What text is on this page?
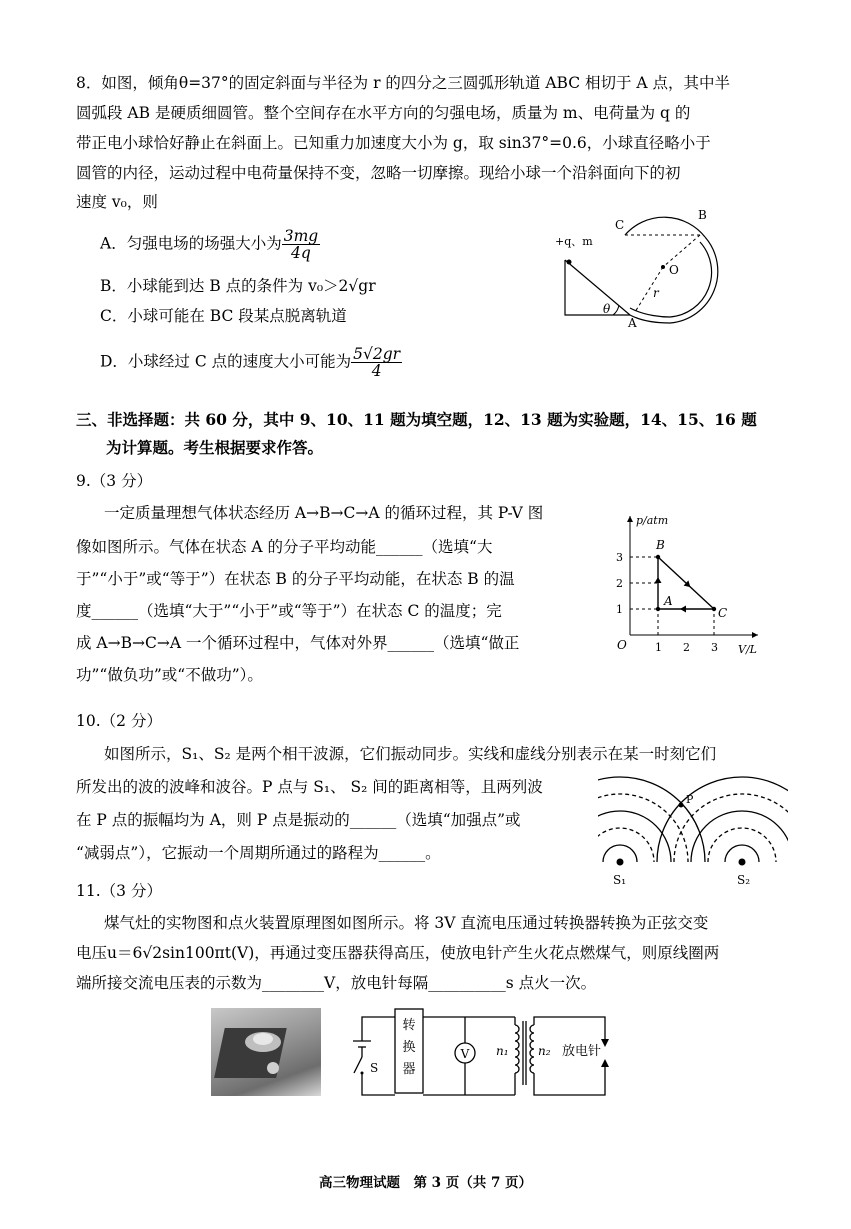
8．如图，倾角θ=37°的固定斜面与半径为 r 的四分之三圆弧形轨道 ABC 相切于 A 点，其中半
圆弧段 AB 是硬质细圆管。整个空间存在水平方向的匀强电场，质量为 m、电荷量为 q 的
带正电小球恰好静止在斜面上。已知重力加速度大小为 g，取 sin37°=0.6，小球直径略小于
圆管的内径，运动过程中电荷量保持不变，忽略一切摩擦。现给小球一个沿斜面向下的初
速度 v₀，则
A．匀强电场的场强大小为 $\frac{3mg}{4q}$
B．小球能到达 B 点的条件为 v₀＞2√gr
C．小球可能在 BC 段某点脱离轨道
D．小球经过 C 点的速度大小可能为 $\frac{5√2gr}{4}$
θ
+q、m
O
r
C
B
A
三、非选择题：共 60 分，其中 9、10、11 题为填空题，12、13 题为实验题，14、15、16 题
为计算题。考生根据要求作答。
9.（3 分）
一定质量理想气体状态经历 A→B→C→A 的循环过程，其 P-V 图
像如图所示。气体在状态 A 的分子平均动能______（选填“大
于”“小于”或“等于”）在状态 B 的分子平均动能，在状态 B 的温
度______（选填“大于”“小于”或“等于”）在状态 C 的温度；完
成 A→B→C→A 一个循环过程中，气体对外界______（选填“做正
功”“做负功”或“不做功”）。
p/atm
V/L
O
1
2
3
1 2 3
A
B
C
10.（2 分）
如图所示，S₁、S₂ 是两个相干波源，它们振动同步。实线和虚线分别表示在某一时刻它们
所发出的波的波峰和波谷。P 点与 S₁、 S₂ 间的距离相等，且两列波
在 P 点的振幅均为 A，则 P 点是振动的______（选填“加强点”或
“减弱点”），它振动一个周期所通过的路程为______。
P
S₁	S₂
11.（3 分）
煤气灶的实物图和点火装置原理图如图所示。将 3V 直流电压通过转换器转换为正弦交变
电压u＝6√2sin100πt(V)，再通过变压器获得高压，使放电针产生火花点燃煤气，则原线圈两
端所接交流电压表的示数为________V，放电针每隔__________s 点火一次。
S
转换器
V n₁ n₂ 放电针
高三物理试题　第 3 页（共 7 页）
